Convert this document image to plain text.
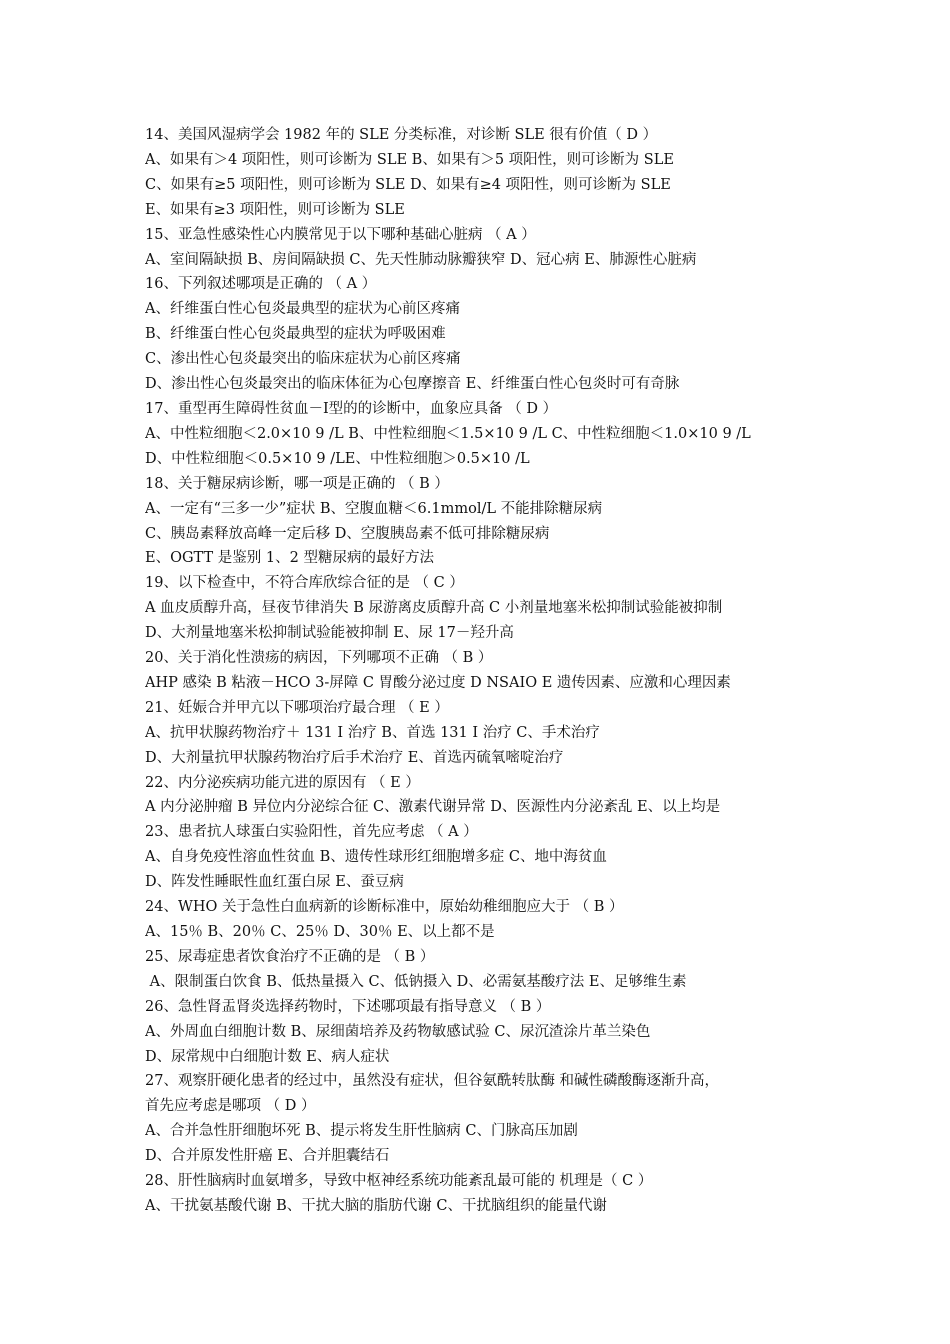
14、美国风湿病学会 1982 年的 SLE 分类标准，对诊断 SLE 很有价值（ D ）
A、如果有＞4 项阳性，则可诊断为 SLE B、如果有＞5 项阳性，则可诊断为 SLE
C、如果有≥5 项阳性，则可诊断为 SLE D、如果有≥4 项阳性，则可诊断为 SLE
E、如果有≥3 项阳性，则可诊断为 SLE
15、亚急性感染性心内膜常见于以下哪种基础心脏病 （ A ）
A、室间隔缺损 B、房间隔缺损 C、先天性肺动脉瓣狭窄 D、冠心病 E、肺源性心脏病
16、下列叙述哪项是正确的 （ A ）
A、纤维蛋白性心包炎最典型的症状为心前区疼痛
B、纤维蛋白性心包炎最典型的症状为呼吸困难
C、渗出性心包炎最突出的临床症状为心前区疼痛
D、渗出性心包炎最突出的临床体征为心包摩擦音 E、纤维蛋白性心包炎时可有奇脉
17、重型再生障碍性贫血－Ⅰ型的的诊断中，血象应具备 （ D ）
A、中性粒细胞＜2.0×10 9 /L B、中性粒细胞＜1.5×10 9 /L C、中性粒细胞＜1.0×10 9 /L
D、中性粒细胞＜0.5×10 9 /LE、中性粒细胞＞0.5×10 /L
18、关于糖尿病诊断，哪一项是正确的 （ B ）
A、一定有“三多一少”症状 B、空腹血糖＜6.1mmol/L 不能排除糖尿病
C、胰岛素释放高峰一定后移 D、空腹胰岛素不低可排除糖尿病
E、OGTT 是鉴别 1、2 型糖尿病的最好方法
19、以下检查中，不符合库欣综合征的是 （ C ）
A 血皮质醇升高，昼夜节律消失 B 尿游离皮质醇升高 C 小剂量地塞米松抑制试验能被抑制
D、大剂量地塞米松抑制试验能被抑制 E、尿 17－羟升高
20、关于消化性溃疡的病因，下列哪项不正确 （ B ）
AHP 感染 B 粘液－HCO 3-屏障 C 胃酸分泌过度 D NSAIO E 遗传因素、应激和心理因素
21、妊娠合并甲亢以下哪项治疗最合理 （ E ）
A、抗甲状腺药物治疗＋ 131 I 治疗 B、首选 131 I 治疗 C、手术治疗
D、大剂量抗甲状腺药物治疗后手术治疗 E、首选丙硫氧嘧啶治疗
22、内分泌疾病功能亢进的原因有 （ E ）
A 内分泌肿瘤 B 异位内分泌综合征 C、激素代谢异常 D、医源性内分泌紊乱 E、以上均是
23、患者抗人球蛋白实验阳性，首先应考虑 （ A ）
A、自身免疫性溶血性贫血 B、遗传性球形红细胞增多症 C、地中海贫血
D、阵发性睡眠性血红蛋白尿 E、蚕豆病
24、WHO 关于急性白血病新的诊断标准中，原始幼稚细胞应大于 （ B ）
A、15％ B、20％ C、25％ D、30％ E、以上都不是
25、尿毒症患者饮食治疗不正确的是 （ B ）
A、限制蛋白饮食 B、低热量摄入 C、低钠摄入 D、必需氨基酸疗法 E、足够维生素
26、急性肾盂肾炎选择药物时，下述哪项最有指导意义 （ B ）
A、外周血白细胞计数 B、尿细菌培养及药物敏感试验 C、尿沉渣涂片革兰染色
D、尿常规中白细胞计数 E、病人症状
27、观察肝硬化患者的经过中，虽然没有症状，但谷氨酰转肽酶 和碱性磷酸酶逐渐升高，
首先应考虑是哪项 （ D ）
A、合并急性肝细胞坏死 B、提示将发生肝性脑病 C、门脉高压加剧
D、合并原发性肝癌 E、合并胆囊结石
28、肝性脑病时血氨增多，导致中枢神经系统功能紊乱最可能的 机理是（ C ）
A、干扰氨基酸代谢 B、干扰大脑的脂肪代谢 C、干扰脑组织的能量代谢
